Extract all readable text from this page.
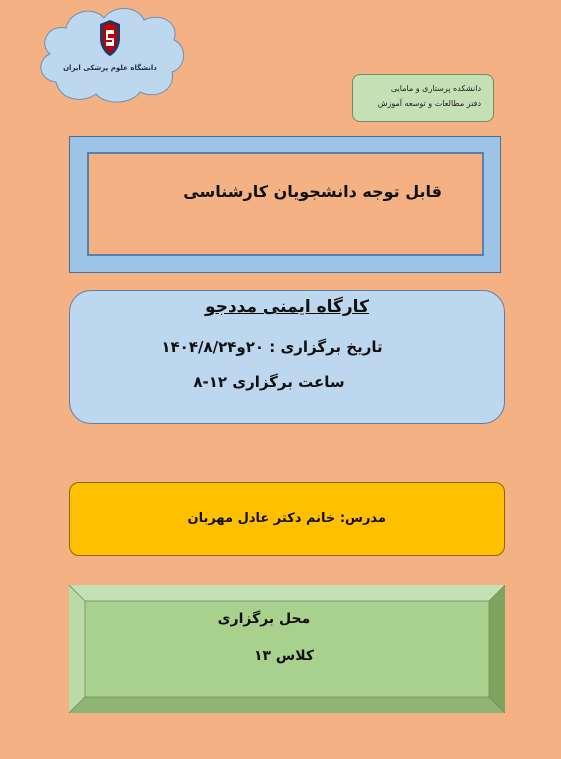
دانشگاه علوم پزشکی ایران
دانشکده پرستاری و مامایی
دفتر مطالعات و توسعه آموزش
قابل توجه دانشجویان کارشناسی
کارگاه ایمنی مددجو
تاریخ برگزاری : ۲۰و۱۴۰۴/۸/۲۴
ساعت برگزاری ۱۲-۸
مدرس: خانم دکتر عادل مهربان
محل برگزاری
کلاس ۱۳
